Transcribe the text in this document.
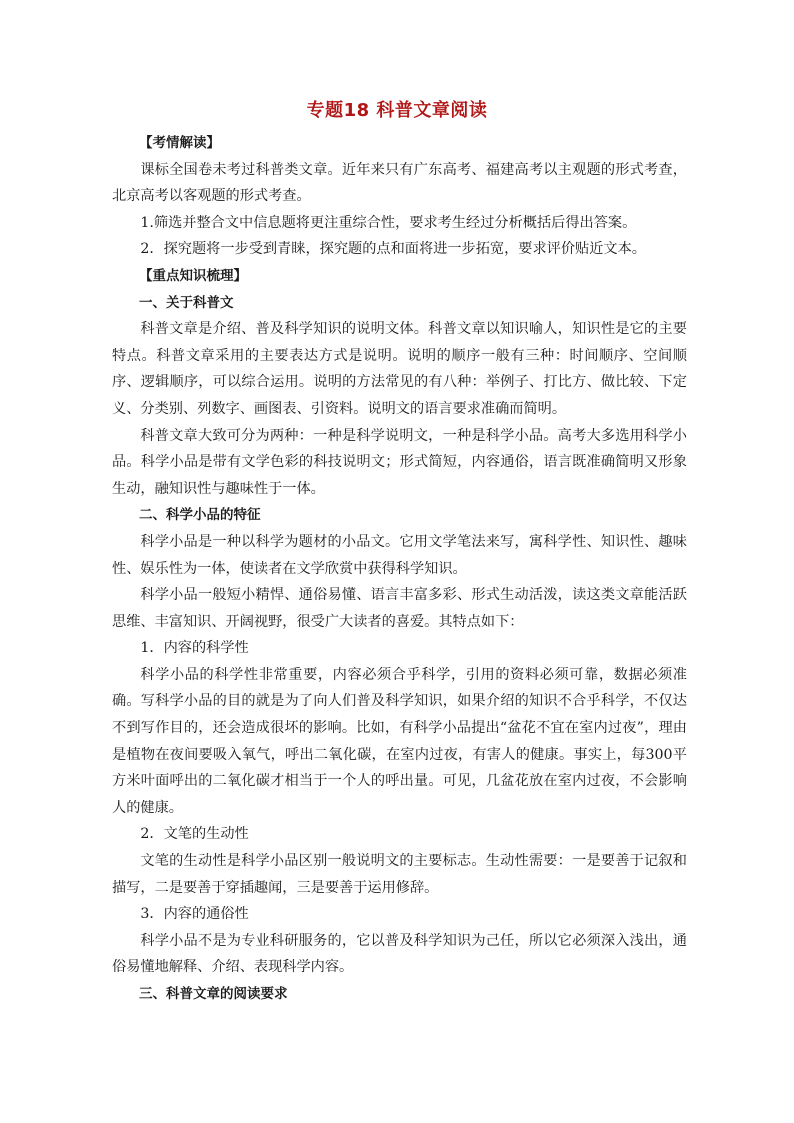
专题18 科普文章阅读

【考情解读】

课标全国卷未考过科普类文章。近年来只有广东高考、福建高考以主观题的形式考查，北京高考以客观题的形式考查。

1.筛选并整合文中信息题将更注重综合性，要求考生经过分析概括后得出答案。

2．探究题将一步受到青睐，探究题的点和面将进一步拓宽，要求评价贴近文本。

【重点知识梳理】

一、关于科普文

科普文章是介绍、普及科学知识的说明文体。科普文章以知识喻人，知识性是它的主要特点。科普文章采用的主要表达方式是说明。说明的顺序一般有三种：时间顺序、空间顺序、逻辑顺序，可以综合运用。说明的方法常见的有八种：举例子、打比方、做比较、下定义、分类别、列数字、画图表、引资料。说明文的语言要求准确而简明。

科普文章大致可分为两种：一种是科学说明文，一种是科学小品。高考大多选用科学小品。科学小品是带有文学色彩的科技说明文；形式简短，内容通俗，语言既准确简明又形象生动，融知识性与趣味性于一体。

二、科学小品的特征

科学小品是一种以科学为题材的小品文。它用文学笔法来写，寓科学性、知识性、趣味性、娱乐性为一体，使读者在文学欣赏中获得科学知识。

科学小品一般短小精悍、通俗易懂、语言丰富多彩、形式生动活泼，读这类文章能活跃思维、丰富知识、开阔视野，很受广大读者的喜爱。其特点如下：

1．内容的科学性

科学小品的科学性非常重要，内容必须合乎科学，引用的资料必须可靠，数据必须准确。写科学小品的目的就是为了向人们普及科学知识，如果介绍的知识不合乎科学，不仅达不到写作目的，还会造成很坏的影响。比如，有科学小品提出“盆花不宜在室内过夜”，理由是植物在夜间要吸入氧气，呼出二氧化碳，在室内过夜，有害人的健康。事实上，每300平方米叶面呼出的二氧化碳才相当于一个人的呼出量。可见，几盆花放在室内过夜，不会影响人的健康。

2．文笔的生动性

文笔的生动性是科学小品区别一般说明文的主要标志。生动性需要：一是要善于记叙和描写，二是要善于穿插趣闻，三是要善于运用修辞。

3．内容的通俗性

科学小品不是为专业科研服务的，它以普及科学知识为己任，所以它必须深入浅出，通俗易懂地解释、介绍、表现科学内容。

三、科普文章的阅读要求
